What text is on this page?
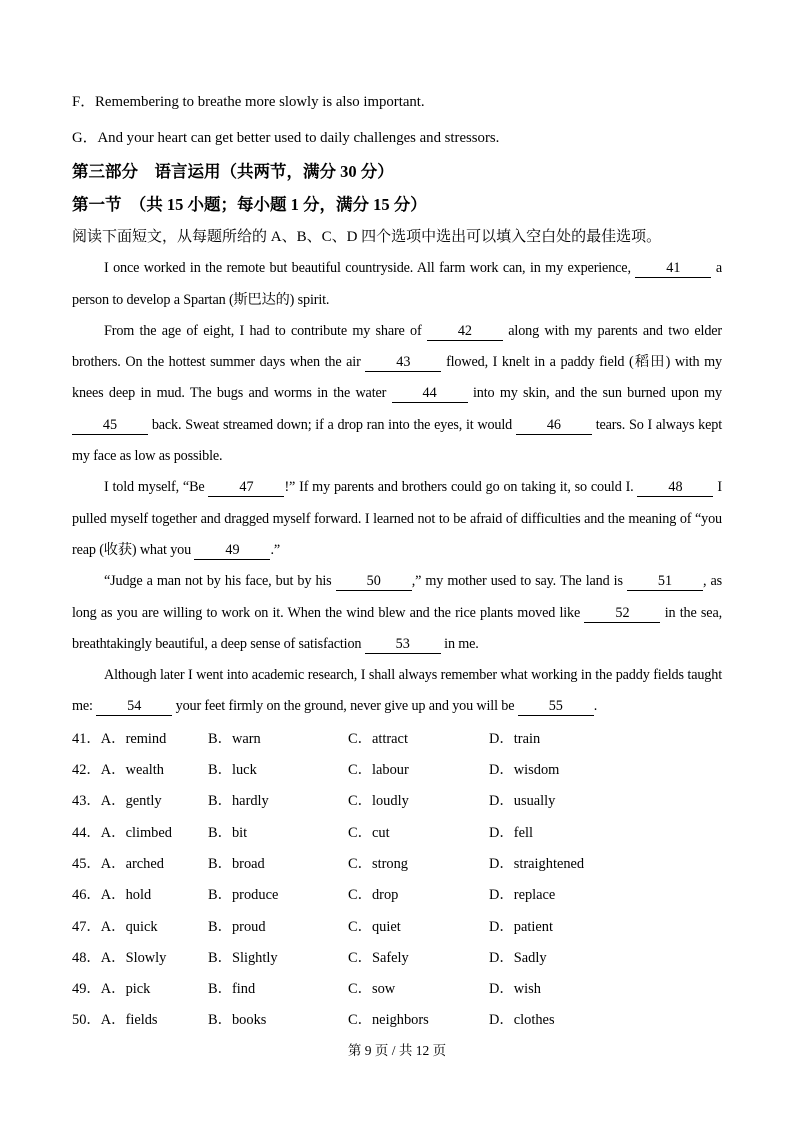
F．Remembering to breathe more slowly is also important.

G．And your heart can get better used to daily challenges and stressors.

第三部分　语言运用（共两节，满分 30 分）
第一节　（共 15 小题；每小题 1 分，满分 15 分）

阅读下面短文，从每题所给的 A、B、C、D 四个选项中选出可以填入空白处的最佳选项。

I once worked in the remote but beautiful countryside. All farm work can, in my experience, 41 a person to develop a Spartan (斯巴达的) spirit.

From the age of eight, I had to contribute my share of 42 along with my parents and two elder brothers. On the hottest summer days when the air 43 flowed, I knelt in a paddy field (稻田) with my knees deep in mud. The bugs and worms in the water 44 into my skin, and the sun burned upon my 45 back. Sweat streamed down; if a drop ran into the eyes, it would 46 tears. So I always kept my face as low as possible.

I told myself, “Be 47 !” If my parents and brothers could go on taking it, so could I. 48 I pulled myself together and dragged myself forward. I learned not to be afraid of difficulties and the meaning of “you reap (收获) what you 49 .”

“Judge a man not by his face, but by his 50 ,” my mother used to say. The land is 51 , as long as you are willing to work on it. When the wind blew and the rice plants moved like 52 in the sea, breathtakingly beautiful, a deep sense of satisfaction 53 in me.

Although later I went into academic research, I shall always remember what working in the paddy fields taught me: 54 your feet firmly on the ground, never give up and you will be 55 .

41．A．remind	B．warn	C．attract	D．train
42．A．wealth	B．luck	C．labour	D．wisdom
43．A．gently	B．hardly	C．loudly	D．usually
44．A．climbed	B．bit	C．cut	D．fell
45．A．arched	B．broad	C．strong	D．straightened
46．A．hold	B．produce	C．drop	D．replace
47．A．quick	B．proud	C．quiet	D．patient
48．A．Slowly	B．Slightly	C．Safely	D．Sadly
49．A．pick	B．find	C．sow	D．wish
50．A．fields	B．books	C．neighbors	D．clothes
第 9 页 / 共 12 页
